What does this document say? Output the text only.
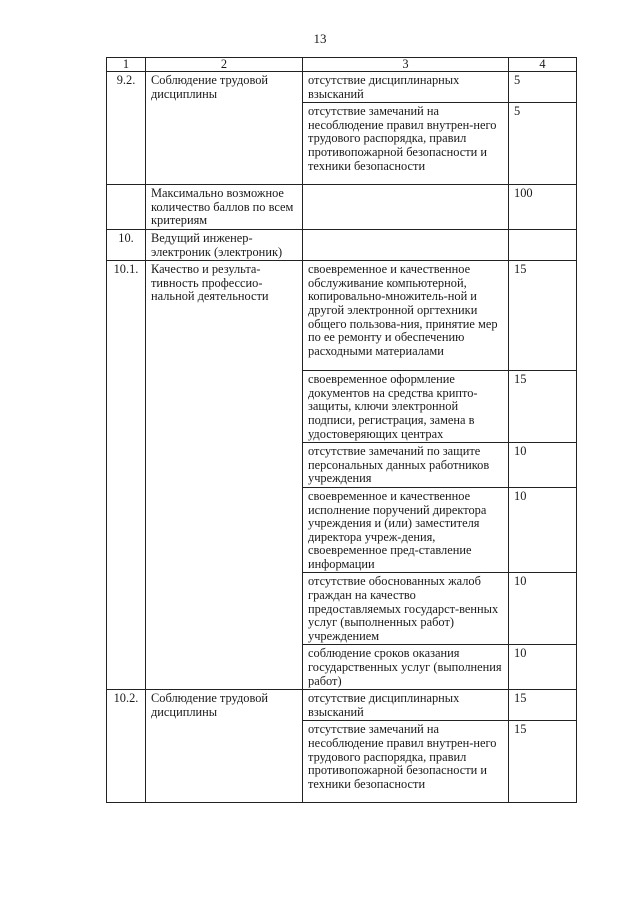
13
1	2	3	4
9.2.	Соблюдение трудовой дисциплины	отсутствие дисциплинарных взысканий	5
		отсутствие замечаний на несоблюдение правил внутрен-него трудового распорядка, правил противопожарной безопасности и техники безопасности	5
	Максимально возможное количество баллов по всем критериям		100
10.	Ведущий инженер-электроник (электроник)		
10.1.	Качество и результа-тивность профессио-нальной деятельности	своевременное и качественное обслуживание компьютерной, копировально-множитель-ной и другой электронной оргтехники общего пользова-ния, принятие мер по ее ремонту и обеспечению расходными материалами	15
		своевременное оформление документов на средства крипто-защиты, ключи электронной подписи, регистрация, замена в удостоверяющих центрах	15
		отсутствие замечаний по защите персональных данных работников учреждения	10
		своевременное и качественное исполнение поручений директора учреждения и (или) заместителя директора учреж-дения, своевременное пред-ставление информации	10
		отсутствие обоснованных жалоб граждан на качество предоставляемых государст-венных услуг (выполненных работ) учреждением	10
		соблюдение сроков оказания государственных услуг (выполнения работ)	10
10.2.	Соблюдение трудовой дисциплины	отсутствие дисциплинарных взысканий	15
		отсутствие замечаний на несоблюдение правил внутрен-него трудового распорядка, правил противопожарной безопасности и техники безопасности	15
